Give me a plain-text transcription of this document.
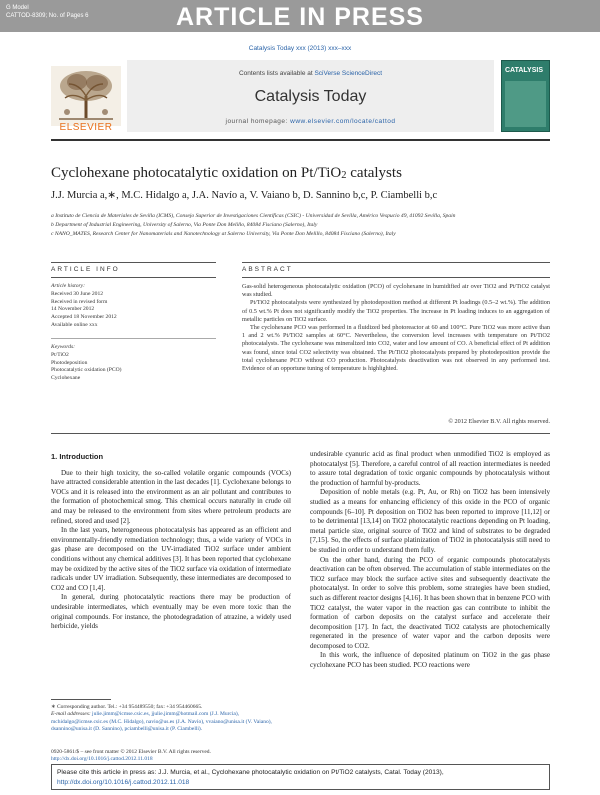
G Model
CATTOD-8309; No. of Pages 6	ARTICLE IN PRESS
Catalysis Today xxx (2013) xxx–xxx
ELSEVIER
Contents lists available at SciVerse ScienceDirect
Catalysis Today
journal homepage: www.elsevier.com/locate/cattod
CATALYSIS
Cyclohexane photocatalytic oxidation on Pt/TiO$_2$ catalysts
J.J. Murcia a,∗, M.C. Hidalgo a, J.A. Navío a, V. Vaiano b, D. Sannino b,c, P. Ciambelli b,c
a Instituto de Ciencia de Materiales de Sevilla (ICMS), Consejo Superior de Investigaciones Científicas (CSIC) - Universidad de Sevilla, Américo Vespucio 49, 41092 Sevilla, Spain
b Department of Industrial Engineering, University of Salerno, Via Ponte Don Melillo, 84084 Fisciano (Salerno), Italy
c NANO_MATES, Research Center for Nanomaterials and Nanotechnology at Salerno University, Via Ponte Don Melillo, 84084 Fisciano (Salerno), Italy
ARTICLE INFO	ABSTRACT
Article history:
Received 30 June 2012
Received in revised form
14 November 2012
Accepted 18 November 2012
Available online xxx
Keywords:
Pt/TiO2
Photodeposition
Photocatalytic oxidation (PCO)
Cyclohexane

Gas-solid heterogeneous photocatalytic oxidation (PCO) of cyclohexane in humidified air over TiO2 and Pt/TiO2 catalyst was studied.

Pt/TiO2 photocatalysts were synthesized by photodeposition method at different Pt loadings (0.5–2 wt.%). The addition of 0.5 wt.% Pt does not significantly modify the TiO2 properties. The increase in Pt loading induces to an aggregation of metallic particles on TiO2 surface.

The cyclohexane PCO was performed in a fluidized bed photoreactor at 60 and 100°C. Pure TiO2 was more active than 1 and 2 wt.% Pt/TiO2 samples at 60°C. Nevertheless, the conversion level increases with temperature on Pt/TiO2 photocatalysts. The cyclohexane was mineralized into CO2, water and low amount of CO. A beneficial effect of Pt addition was found, since total CO2 selectivity was obtained. The Pt/TiO2 photocatalysts prepared by photodeposition provide the total cyclohexane PCO without CO production. Photocatalysts deactivation was not observed in any performed test. Evidence of an opportune tuning of temperature is highlighted.

© 2012 Elsevier B.V. All rights reserved.
1. Introduction

Due to their high toxicity, the so-called volatile organic compounds (VOCs) have attracted considerable attention in the last decades [1]. Cyclohexane belongs to VOCs and it is released into the environment as an air pollutant and contributes to the formation of photochemical smog. This chemical occurs naturally in crude oil and may be released to the environment from sites where petroleum products are refined, stored and used [2].

In the last years, heterogeneous photocatalysis has appeared as an efficient and environmentally-friendly remediation technology; thus, a wide variety of VOCs in gas phase are decomposed on the UV-irradiated TiO2 surface under ambient conditions without any chemical additives [3]. It has been reported that cyclohexane may be oxidized by the active sites of the TiO2 surface via oxidation of intermediate radicals under UV irradiation. Subsequently, these intermediates are decomposed to CO2 and CO [1,4].

In general, during photocatalytic reactions there may be production of undesirable intermediates, which eventually may be even more toxic than the original compounds. For instance, the photodegradation of atrazine, a widely used herbicide, yields

undesirable cyanuric acid as final product when unmodified TiO2 is employed as photocatalyst [5]. Therefore, a careful control of all reaction intermediates is needed to assure total degradation of toxic organic compounds by photocatalysis without the production of harmful by-products.

Deposition of noble metals (e.g. Pt, Au, or Rh) on TiO2 has been intensively studied as a means for enhancing efficiency of this oxide in the PCO of organic compounds [6–10]. Pt deposition on TiO2 has been reported to improve [11,12] or to be detrimental [13,14] on TiO2 photocatalytic reactions depending on Pt loading, metal particle size, original source of TiO2 and kind of substrates to be degraded [7,15]. So, the effects of surface platinization of TiO2 in photocatalysis still need to be studied in order to understand them fully.

On the other hand, during the PCO of organic compounds photocatalysts deactivation can be often observed. The accumulation of stable intermediates on the TiO2 surface may block the surface active sites and subsequently deactivate the photocatalyst. In order to solve this problem, some strategies have been studied, such as different reactor designs [4,16]. It has been shown that in benzene PCO with TiO2 catalyst, the water vapor in the reaction gas can contribute to inhibit the formation of carbon deposits on the catalyst surface and accelerate their decomposition [17]. In fact, the deactivated TiO2 catalysts are photochemically regenerated in the presence of water vapor and the carbon deposits were decomposed to CO2.

In this work, the influence of deposited platinum on TiO2 in the gas phase cyclohexane PCO has been studied. PCO reactions were

∗ Corresponding author. Tel.: +34 954489550; fax: +34 954460665.
E-mail addresses: julie.jimm@icmse.csic.es, jjulie.jimm@hotmail.com (J.J. Murcia), mchidalgo@icmse.csic.es (M.C. Hidalgo), navio@us.es (J.A. Navío), vvaiano@unisa.it (V. Vaiano), dsannino@unisa.it (D. Sannino), pciambelli@unisa.it (P. Ciambelli).
0920-5861/$ – see front matter © 2012 Elsevier B.V. All rights reserved.
http://dx.doi.org/10.1016/j.cattod.2012.11.018
Please cite this article in press as: J.J. Murcia, et al., Cyclohexane photocatalytic oxidation on Pt/TiO2 catalysts, Catal. Today (2013), http://dx.doi.org/10.1016/j.cattod.2012.11.018
